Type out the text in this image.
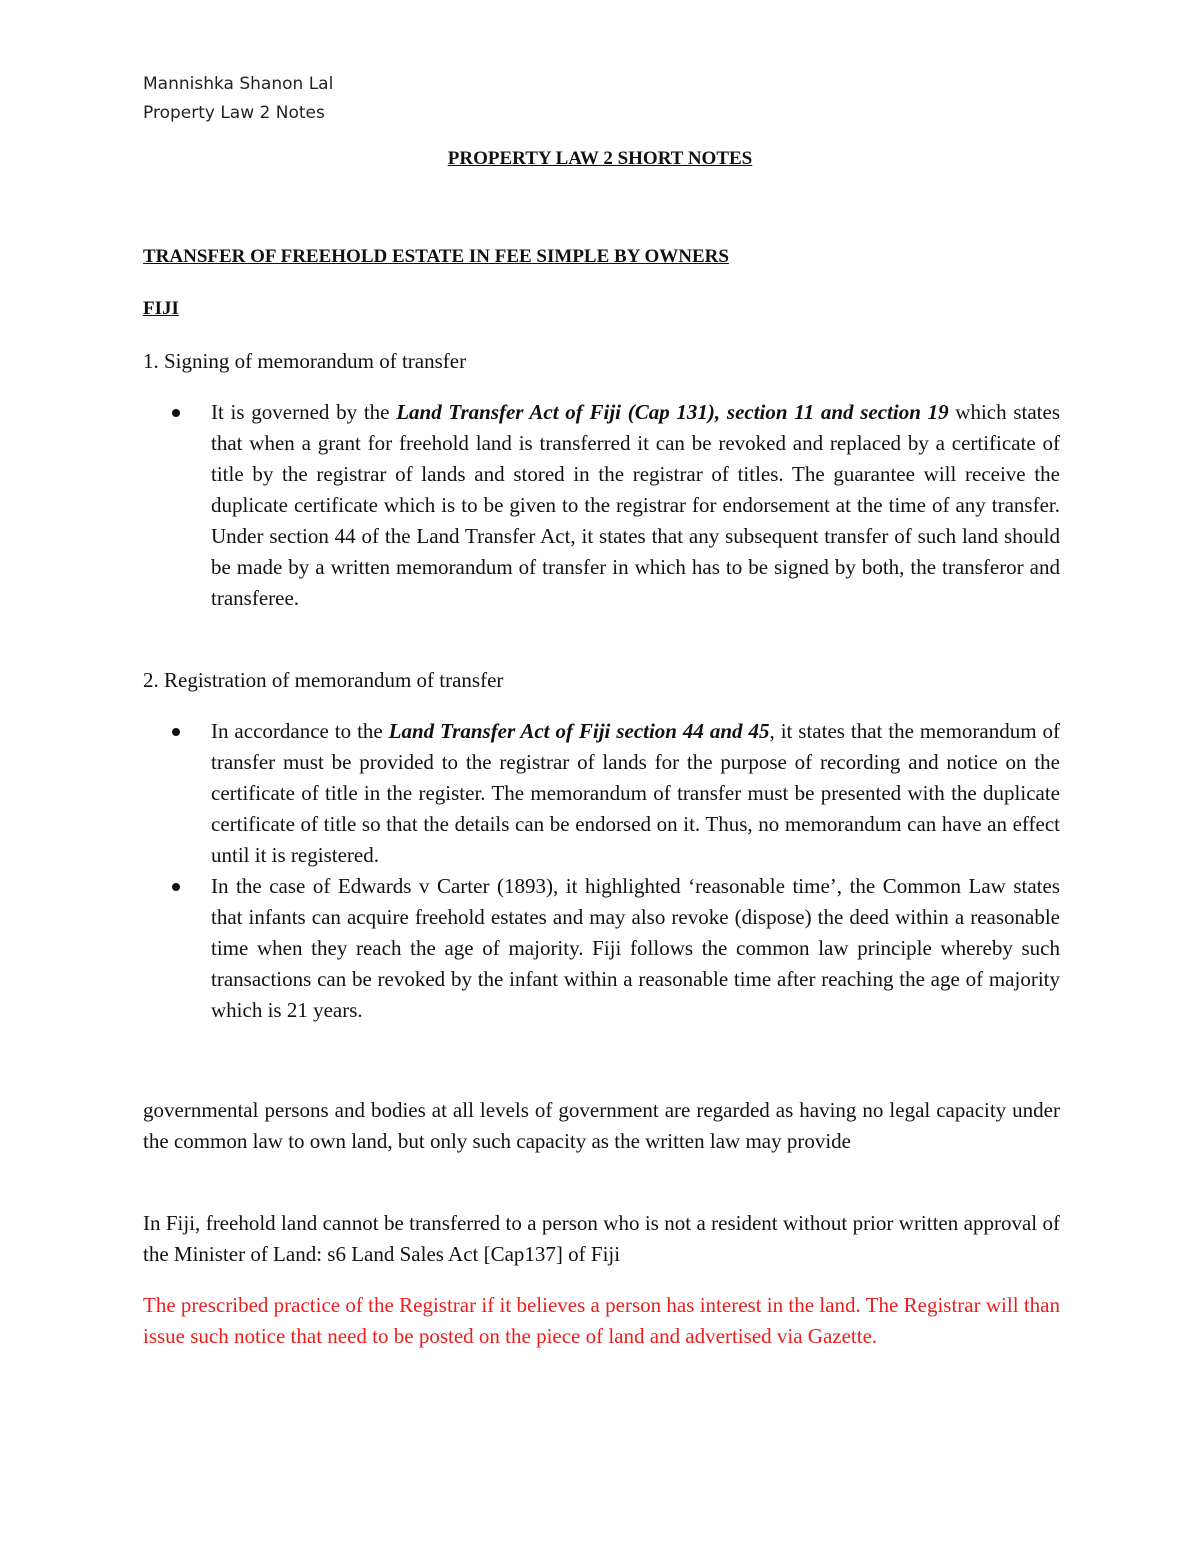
Mannishka Shanon Lal
Property Law 2 Notes
PROPERTY LAW 2 SHORT NOTES
TRANSFER OF FREEHOLD ESTATE IN FEE SIMPLE BY OWNERS
FIJI
1. Signing of memorandum of transfer
It is governed by the Land Transfer Act of Fiji (Cap 131), section 11 and section 19 which states that when a grant for freehold land is transferred it can be revoked and replaced by a certificate of title by the registrar of lands and stored in the registrar of titles. The guarantee will receive the duplicate certificate which is to be given to the registrar for endorsement at the time of any transfer. Under section 44 of the Land Transfer Act, it states that any subsequent transfer of such land should be made by a written memorandum of transfer in which has to be signed by both, the transferor and transferee.
2. Registration of memorandum of transfer
In accordance to the Land Transfer Act of Fiji section 44 and 45, it states that the memorandum of transfer must be provided to the registrar of lands for the purpose of recording and notice on the certificate of title in the register. The memorandum of transfer must be presented with the duplicate certificate of title so that the details can be endorsed on it. Thus, no memorandum can have an effect until it is registered.
In the case of Edwards v Carter (1893), it highlighted ‘reasonable time’, the Common Law states that infants can acquire freehold estates and may also revoke (dispose) the deed within a reasonable time when they reach the age of majority. Fiji follows the common law principle whereby such transactions can be revoked by the infant within a reasonable time after reaching the age of majority which is 21 years.

governmental persons and bodies at all levels of government are regarded as having no legal capacity under the common law to own land, but only such capacity as the written law may provide

In Fiji, freehold land cannot be transferred to a person who is not a resident without prior written approval of the Minister of Land: s6 Land Sales Act [Cap137] of Fiji

The prescribed practice of the Registrar if it believes a person has interest in the land. The Registrar will than issue such notice that need to be posted on the piece of land and advertised via Gazette.
